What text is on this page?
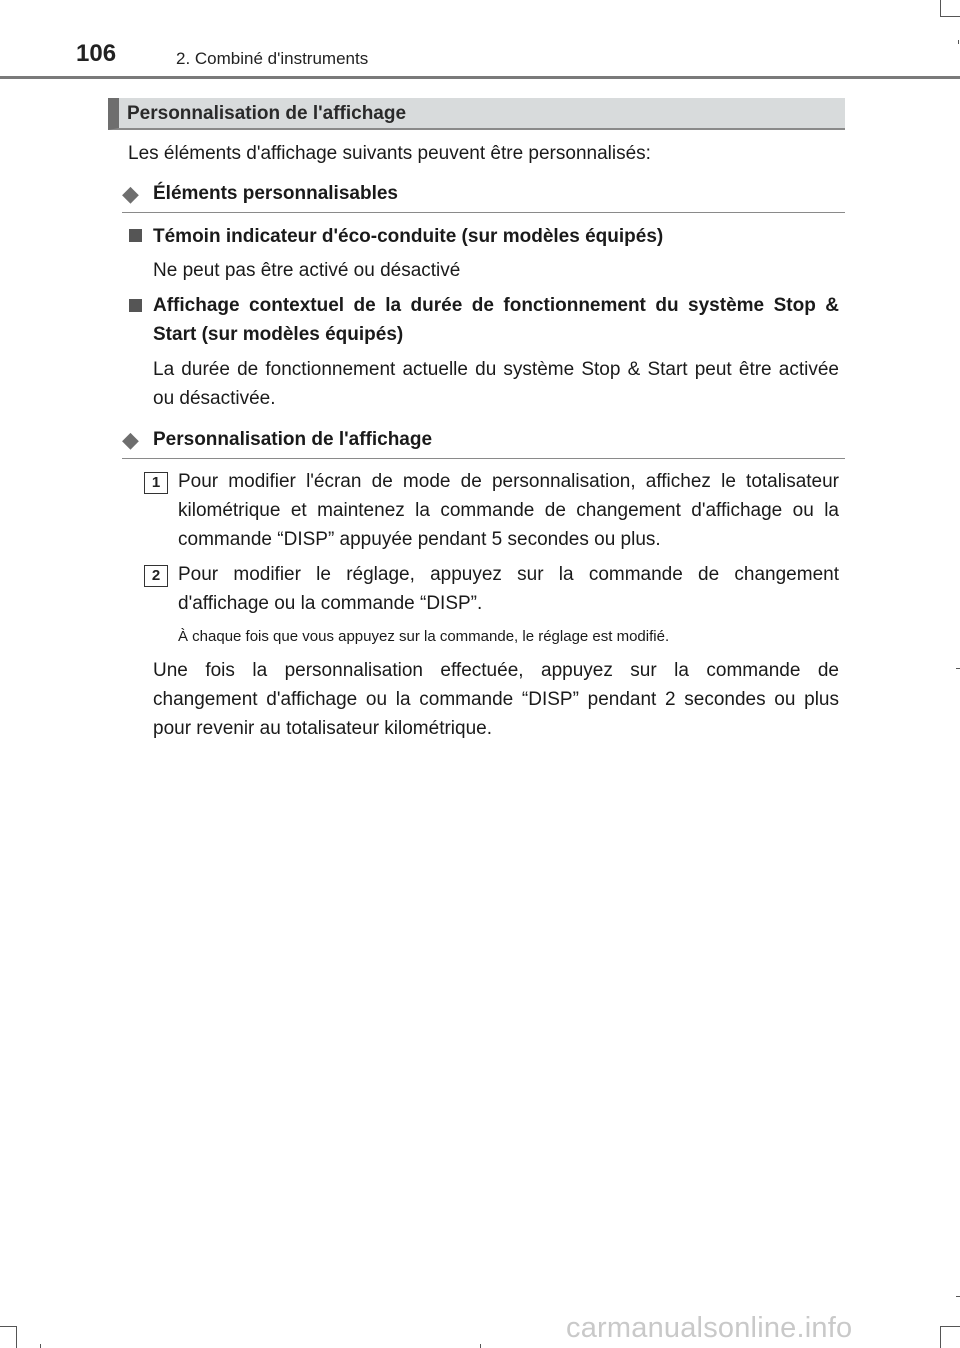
106	2. Combiné d'instruments
Personnalisation de l'affichage
Les éléments d'affichage suivants peuvent être personnalisés:
◆ Éléments personnalisables
Témoin indicateur d'éco-conduite (sur modèles équipés)
Ne peut pas être activé ou désactivé
Affichage contextuel de la durée de fonctionnement du système Stop & Start (sur modèles équipés)
La durée de fonctionnement actuelle du système Stop & Start peut être activée ou désactivée.
◆ Personnalisation de l'affichage
1 Pour modifier l'écran de mode de personnalisation, affichez le totalisateur kilométrique et maintenez la commande de changement d'affichage ou la commande “DISP” appuyée pendant 5 secondes ou plus.
2 Pour modifier le réglage, appuyez sur la commande de changement d'affichage ou la commande “DISP”.
À chaque fois que vous appuyez sur la commande, le réglage est modifié.
Une fois la personnalisation effectuée, appuyez sur la commande de changement d'affichage ou la commande “DISP” pendant 2 secondes ou plus pour revenir au totalisateur kilométrique.
carmanualsonline.info
